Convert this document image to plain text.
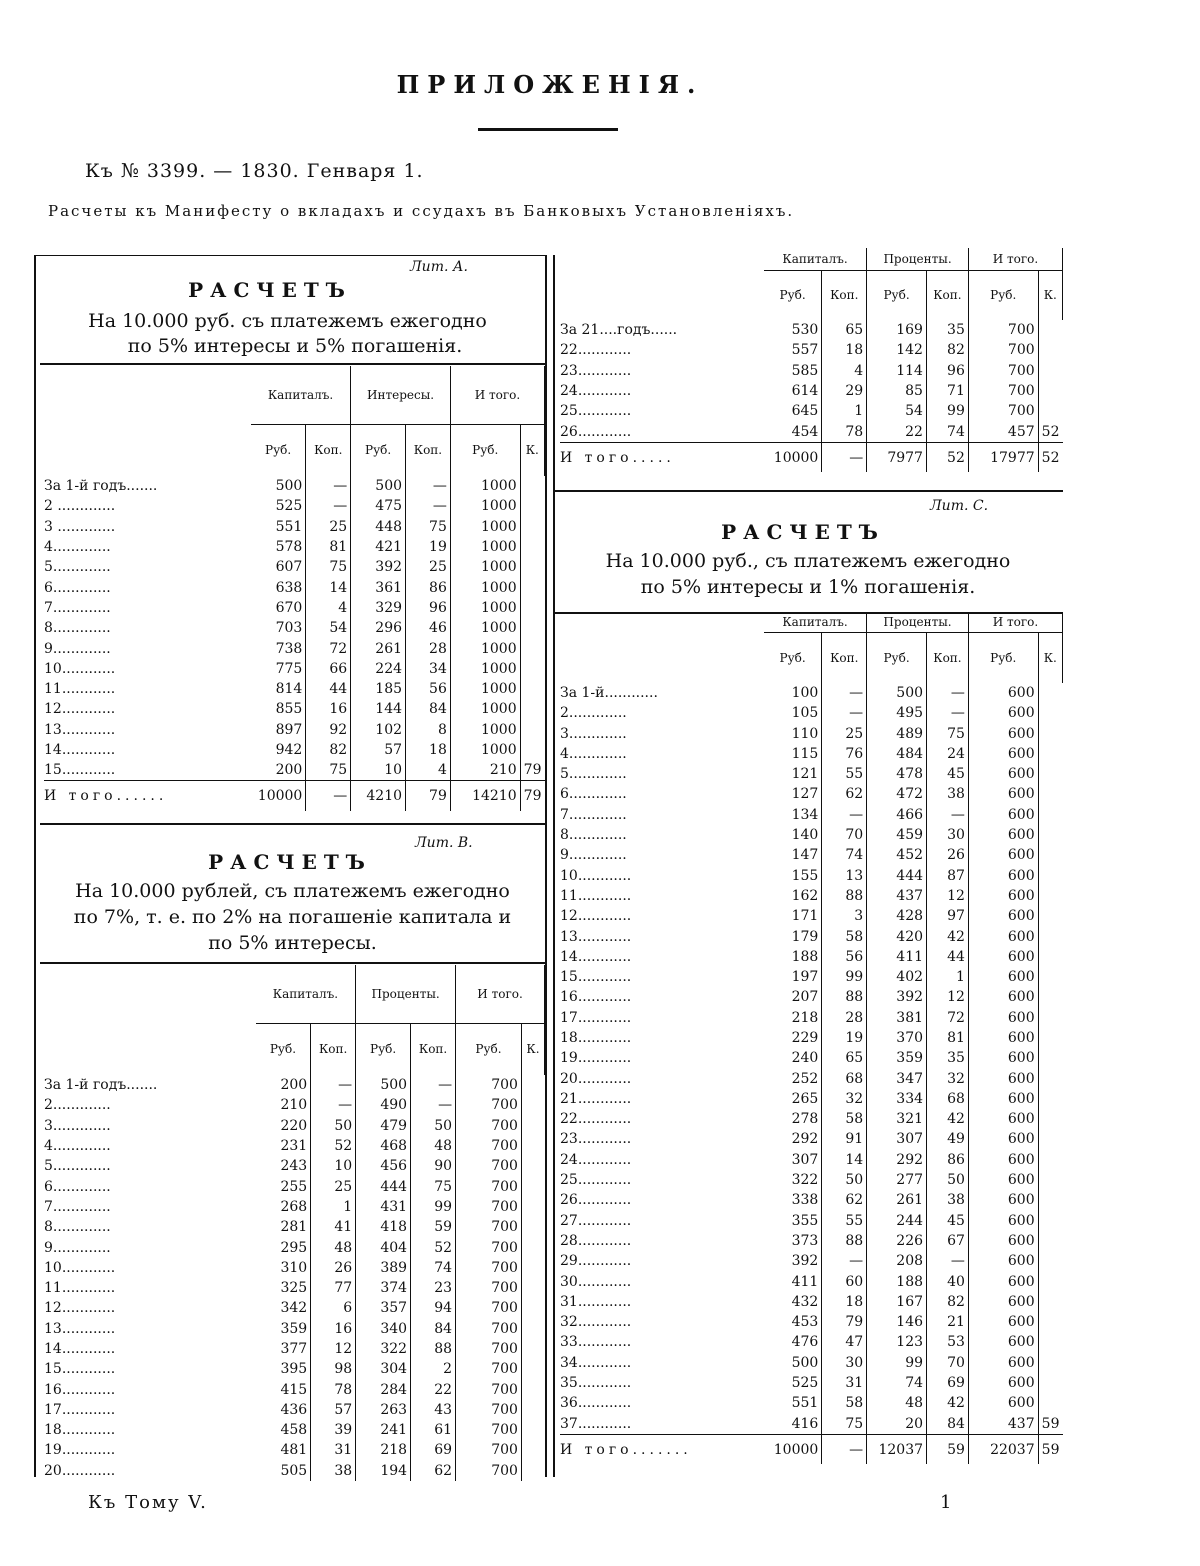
ПРИЛОЖЕНІЯ.
Къ № 3399. — 1830. Генваря 1.
Расчеты къ Манифесту о вкладахъ и ссудахъ въ Банковыхъ Установленіяхъ.
Лит. А.
РАСЧЕТЪ
На 10.000 руб. съ платежемъ ежегодно
по 5% интересы и 5% погашенія.
	Капиталъ.		Интересы.		И того.	
	Руб.	Коп.	Руб.	Коп.	Руб.	К.
За 1-й годъ.......	500	—	500	—	1000	
2 .............	525	—	475	—	1000	
3 .............	551	25	448	75	1000	
4.............	578	81	421	19	1000	
5.............	607	75	392	25	1000	
6.............	638	14	361	86	1000	
7.............	670	4	329	96	1000	
8.............	703	54	296	46	1000	
9.............	738	72	261	28	1000	
10............	775	66	224	34	1000	
11............	814	44	185	56	1000	
12............	855	16	144	84	1000	
13............	897	92	102	8	1000	
14............	942	82	57	18	1000	
15............	200	75	10	4	210	79
И того......	10000	—	4210	79	14210	79
Лит. В.
РАСЧЕТЪ
На 10.000 рублей, съ платежемъ ежегодно
по 7%, т. е. по 2% на погашеніе капитала и
по 5% интересы.
	Капиталъ.		Проценты.		И того.	
	Руб.	Коп.	Руб.	Коп.	Руб.	К.
За 1-й годъ.......	200	—	500	—	700	
2.............	210	—	490	—	700	
3.............	220	50	479	50	700	
4.............	231	52	468	48	700	
5.............	243	10	456	90	700	
6.............	255	25	444	75	700	
7.............	268	1	431	99	700	
8.............	281	41	418	59	700	
9.............	295	48	404	52	700	
10............	310	26	389	74	700	
11............	325	77	374	23	700	
12............	342	6	357	94	700	
13............	359	16	340	84	700	
14............	377	12	322	88	700	
15............	395	98	304	2	700	
16............	415	78	284	22	700	
17............	436	57	263	43	700	
18............	458	39	241	61	700	
19............	481	31	218	69	700	
20............	505	38	194	62	700	
	Капиталъ.		Проценты.		И того.	
	Руб.	Коп.	Руб.	Коп.	Руб.	К.
За 21....годъ......	530	65	169	35	700	
22............	557	18	142	82	700	
23............	585	4	114	96	700	
24............	614	29	85	71	700	
25............	645	1	54	99	700	
26............	454	78	22	74	457	52
И того.....	10000	—	7977	52	17977	52
Лит. С.
РАСЧЕТЪ
На 10.000 руб., съ платежемъ ежегодно
по 5% интересы и 1% погашенія.
	Капиталъ.		Проценты.		И того.	
	Руб.	Коп.	Руб.	Коп.	Руб.	К.
За 1-й............	100	—	500	—	600	
2.............	105	—	495	—	600	
3.............	110	25	489	75	600	
4.............	115	76	484	24	600	
5.............	121	55	478	45	600	
6.............	127	62	472	38	600	
7.............	134	—	466	—	600	
8.............	140	70	459	30	600	
9.............	147	74	452	26	600	
10............	155	13	444	87	600	
11............	162	88	437	12	600	
12............	171	3	428	97	600	
13............	179	58	420	42	600	
14............	188	56	411	44	600	
15............	197	99	402	1	600	
16............	207	88	392	12	600	
17............	218	28	381	72	600	
18............	229	19	370	81	600	
19............	240	65	359	35	600	
20............	252	68	347	32	600	
21............	265	32	334	68	600	
22............	278	58	321	42	600	
23............	292	91	307	49	600	
24............	307	14	292	86	600	
25............	322	50	277	50	600	
26............	338	62	261	38	600	
27............	355	55	244	45	600	
28............	373	88	226	67	600	
29............	392	—	208	—	600	
30............	411	60	188	40	600	
31............	432	18	167	82	600	
32............	453	79	146	21	600	
33............	476	47	123	53	600	
34............	500	30	99	70	600	
35............	525	31	74	69	600	
36............	551	58	48	42	600	
37............	416	75	20	84	437	59
И того.......	10000	—	12037	59	22037	59
Къ Тому V.	1
